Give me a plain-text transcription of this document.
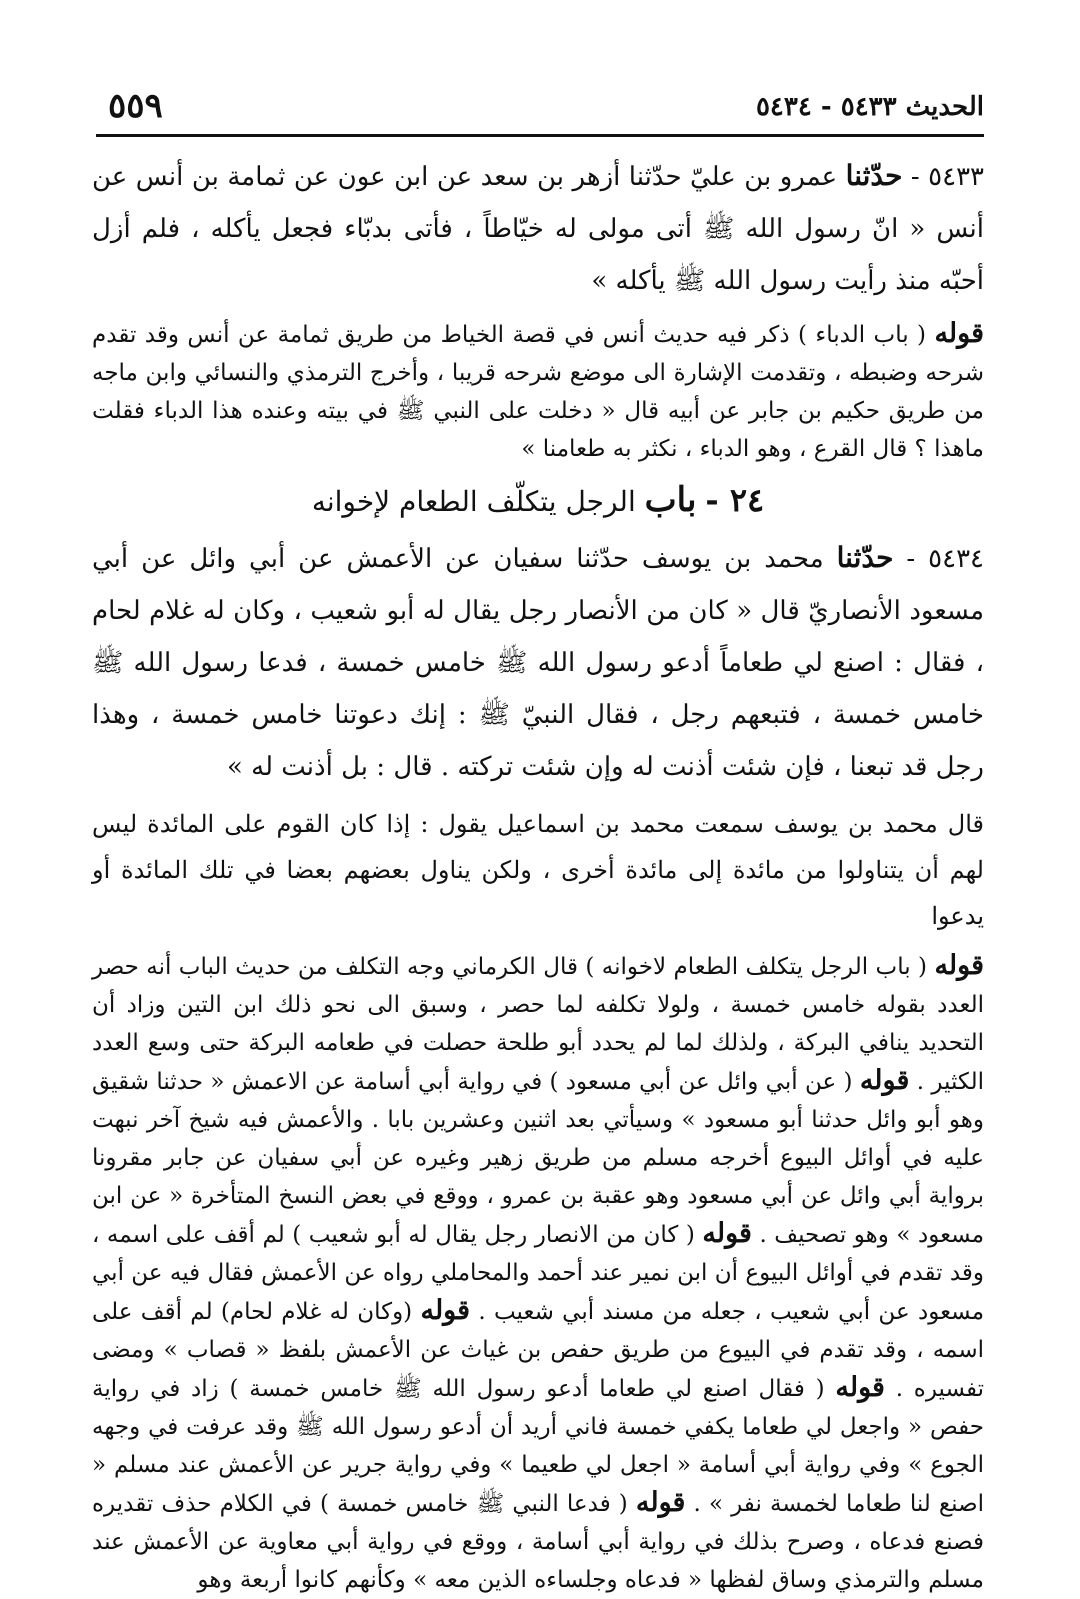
الحديث ٥٤٣٣ - ٥٤٣٤
٥٥٩

٥٤٣٣ - حدّثنا عمرو بن عليّ حدّثنا أزهر بن سعد عن ابن عون عن ثمامة بن أنس عن أنس « انّ رسول الله ﷺ أتى مولى له خيّاطاً ، فأتى بدبّاء فجعل يأكله ، فلم أزل أحبّه منذ رأيت رسول الله ﷺ يأكله »

قوله ( باب الدباء ) ذكر فيه حديث أنس في قصة الخياط من طريق ثمامة عن أنس وقد تقدم شرحه وضبطه ، وتقدمت الإشارة الى موضع شرحه قريبا ، وأخرج الترمذي والنسائي وابن ماجه من طريق حكيم بن جابر عن أبيه قال « دخلت على النبي ﷺ في بيته وعنده هذا الدباء فقلت ماهذا ؟ قال القرع ، وهو الدباء ، نكثر به طعامنا »

٢٤ - باب الرجل يتكلّف الطعام لإخوانه

٥٤٣٤ - حدّثنا محمد بن يوسف حدّثنا سفيان عن الأعمش عن أبي وائل عن أبي مسعود الأنصاريّ قال « كان من الأنصار رجل يقال له أبو شعيب ، وكان له غلام لحام ، فقال : اصنع لي طعاماً أدعو رسول الله ﷺ خامس خمسة ، فدعا رسول الله ﷺ خامس خمسة ، فتبعهم رجل ، فقال النبيّ ﷺ : إنك دعوتنا خامس خمسة ، وهذا رجل قد تبعنا ، فإن شئت أذنت له وإن شئت تركته . قال : بل أذنت له »

قال محمد بن يوسف سمعت محمد بن اسماعيل يقول : إذا كان القوم على المائدة ليس لهم أن يتناولوا من مائدة إلى مائدة أخرى ، ولكن يناول بعضهم بعضا في تلك المائدة أو يدعوا

قوله ( باب الرجل يتكلف الطعام لاخوانه ) قال الكرماني وجه التكلف من حديث الباب أنه حصر العدد بقوله خامس خمسة ، ولولا تكلفه لما حصر ، وسبق الى نحو ذلك ابن التين وزاد أن التحديد ينافي البركة ، ولذلك لما لم يحدد أبو طلحة حصلت في طعامه البركة حتى وسع العدد الكثير . قوله ( عن أبي وائل عن أبي مسعود ) في رواية أبي أسامة عن الاعمش « حدثنا شقيق وهو أبو وائل حدثنا أبو مسعود » وسيأتي بعد اثنين وعشرين بابا . والأعمش فيه شيخ آخر نبهت عليه في أوائل البيوع أخرجه مسلم من طريق زهير وغيره عن أبي سفيان عن جابر مقرونا برواية أبي وائل عن أبي مسعود وهو عقبة بن عمرو ، ووقع في بعض النسخ المتأخرة « عن ابن مسعود » وهو تصحيف . قوله ( كان من الانصار رجل يقال له أبو شعيب ) لم أقف على اسمه ، وقد تقدم في أوائل البيوع أن ابن نمير عند أحمد والمحاملي رواه عن الأعمش فقال فيه عن أبي مسعود عن أبي شعيب ، جعله من مسند أبي شعيب . قوله (وكان له غلام لحام) لم أقف على اسمه ، وقد تقدم في البيوع من طريق حفص بن غياث عن الأعمش بلفظ « قصاب » ومضى تفسيره . قوله ( فقال اصنع لي طعاما أدعو رسول الله ﷺ خامس خمسة ) زاد في رواية حفص « واجعل لي طعاما يكفي خمسة فاني أريد أن أدعو رسول الله ﷺ وقد عرفت في وجهه الجوع » وفي رواية أبي أسامة « اجعل لي طعيما » وفي رواية جرير عن الأعمش عند مسلم « اصنع لنا طعاما لخمسة نفر » . قوله ( فدعا النبي ﷺ خامس خمسة ) في الكلام حذف تقديره فصنع فدعاه ، وصرح بذلك في رواية أبي أسامة ، ووقع في رواية أبي معاوية عن الأعمش عند مسلم والترمذي وساق لفظها « فدعاه وجلساءه الذين معه » وكأنهم كانوا أربعة وهو
